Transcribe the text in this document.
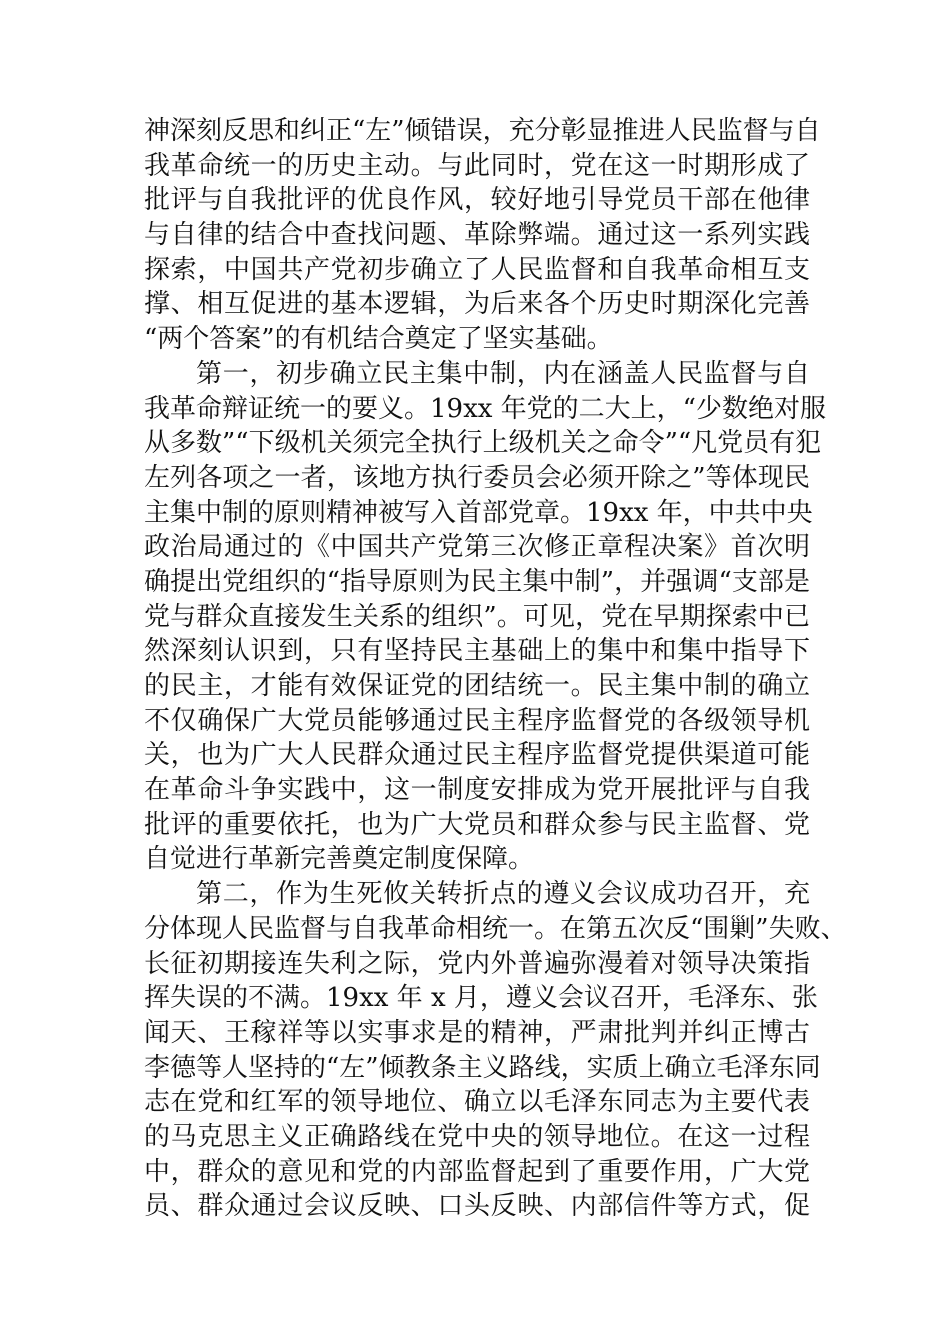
神深刻反思和纠正“左”倾错误，充分彰显推进人民监督与自
我革命统一的历史主动。与此同时，党在这一时期形成了
批评与自我批评的优良作风，较好地引导党员干部在他律
与自律的结合中查找问题、革除弊端。通过这一系列实践
探索，中国共产党初步确立了人民监督和自我革命相互支
撑、相互促进的基本逻辑，为后来各个历史时期深化完善
“两个答案”的有机结合奠定了坚实基础。
第一，初步确立民主集中制，内在涵盖人民监督与自
我革命辩证统一的要义。19xx 年党的二大上，“少数绝对服
从多数”“下级机关须完全执行上级机关之命令”“凡党员有犯
左列各项之一者，该地方执行委员会必须开除之”等体现民
主集中制的原则精神被写入首部党章。19xx 年，中共中央
政治局通过的《中国共产党第三次修正章程决案》首次明
确提出党组织的“指导原则为民主集中制”，并强调“支部是
党与群众直接发生关系的组织”。可见，党在早期探索中已
然深刻认识到，只有坚持民主基础上的集中和集中指导下
的民主，才能有效保证党的团结统一。民主集中制的确立
不仅确保广大党员能够通过民主程序监督党的各级领导机
关，也为广大人民群众通过民主程序监督党提供渠道可能
在革命斗争实践中，这一制度安排成为党开展批评与自我
批评的重要依托，也为广大党员和群众参与民主监督、党
自觉进行革新完善奠定制度保障。
第二，作为生死攸关转折点的遵义会议成功召开，充
分体现人民监督与自我革命相统一。在第五次反“围剿”失败、
长征初期接连失利之际，党内外普遍弥漫着对领导决策指
挥失误的不满。19xx 年 x 月，遵义会议召开，毛泽东、张
闻天、王稼祥等以实事求是的精神，严肃批判并纠正博古
李德等人坚持的“左”倾教条主义路线，实质上确立毛泽东同
志在党和红军的领导地位、确立以毛泽东同志为主要代表
的马克思主义正确路线在党中央的领导地位。在这一过程
中，群众的意见和党的内部监督起到了重要作用，广大党
员、群众通过会议反映、口头反映、内部信件等方式，促
